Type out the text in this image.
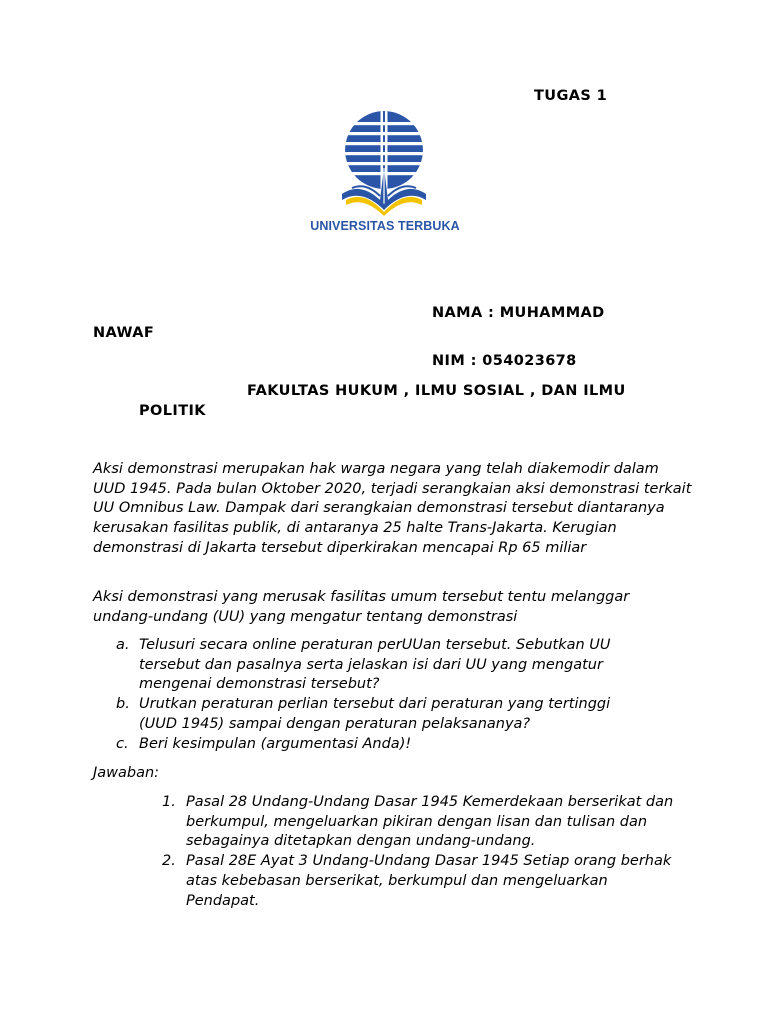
TUGAS 1
UNIVERSITAS TERBUKA
NAMA : MUHAMMAD
NAWAF
NIM : 054023678
FAKULTAS HUKUM , ILMU SOSIAL , DAN ILMU
POLITIK
Aksi demonstrasi merupakan hak warga negara yang telah diakemodir dalam UUD 1945. Pada bulan Oktober 2020, terjadi serangkaian aksi demonstrasi terkait UU Omnibus Law. Dampak dari serangkaian demonstrasi tersebut diantaranya kerusakan fasilitas publik, di antaranya 25 halte Trans-Jakarta. Kerugian demonstrasi di Jakarta tersebut diperkirakan mencapai Rp 65 miliar
Aksi demonstrasi yang merusak fasilitas umum tersebut tentu melanggar undang-undang (UU) yang mengatur tentang demonstrasi
a. Telusuri secara online peraturan perUUan tersebut. Sebutkan UU tersebut dan pasalnya serta jelaskan isi dari UU yang mengatur mengenai demonstrasi tersebut?
b. Urutkan peraturan perlian tersebut dari peraturan yang tertinggi (UUD 1945) sampai dengan peraturan pelaksananya?
c. Beri kesimpulan (argumentasi Anda)!
Jawaban:
1. Pasal 28 Undang-Undang Dasar 1945 Kemerdekaan berserikat dan berkumpul, mengeluarkan pikiran dengan lisan dan tulisan dan sebagainya ditetapkan dengan undang-undang.
2. Pasal 28E Ayat 3 Undang-Undang Dasar 1945 Setiap orang berhak atas kebebasan berserikat, berkumpul dan mengeluarkan Pendapat.
